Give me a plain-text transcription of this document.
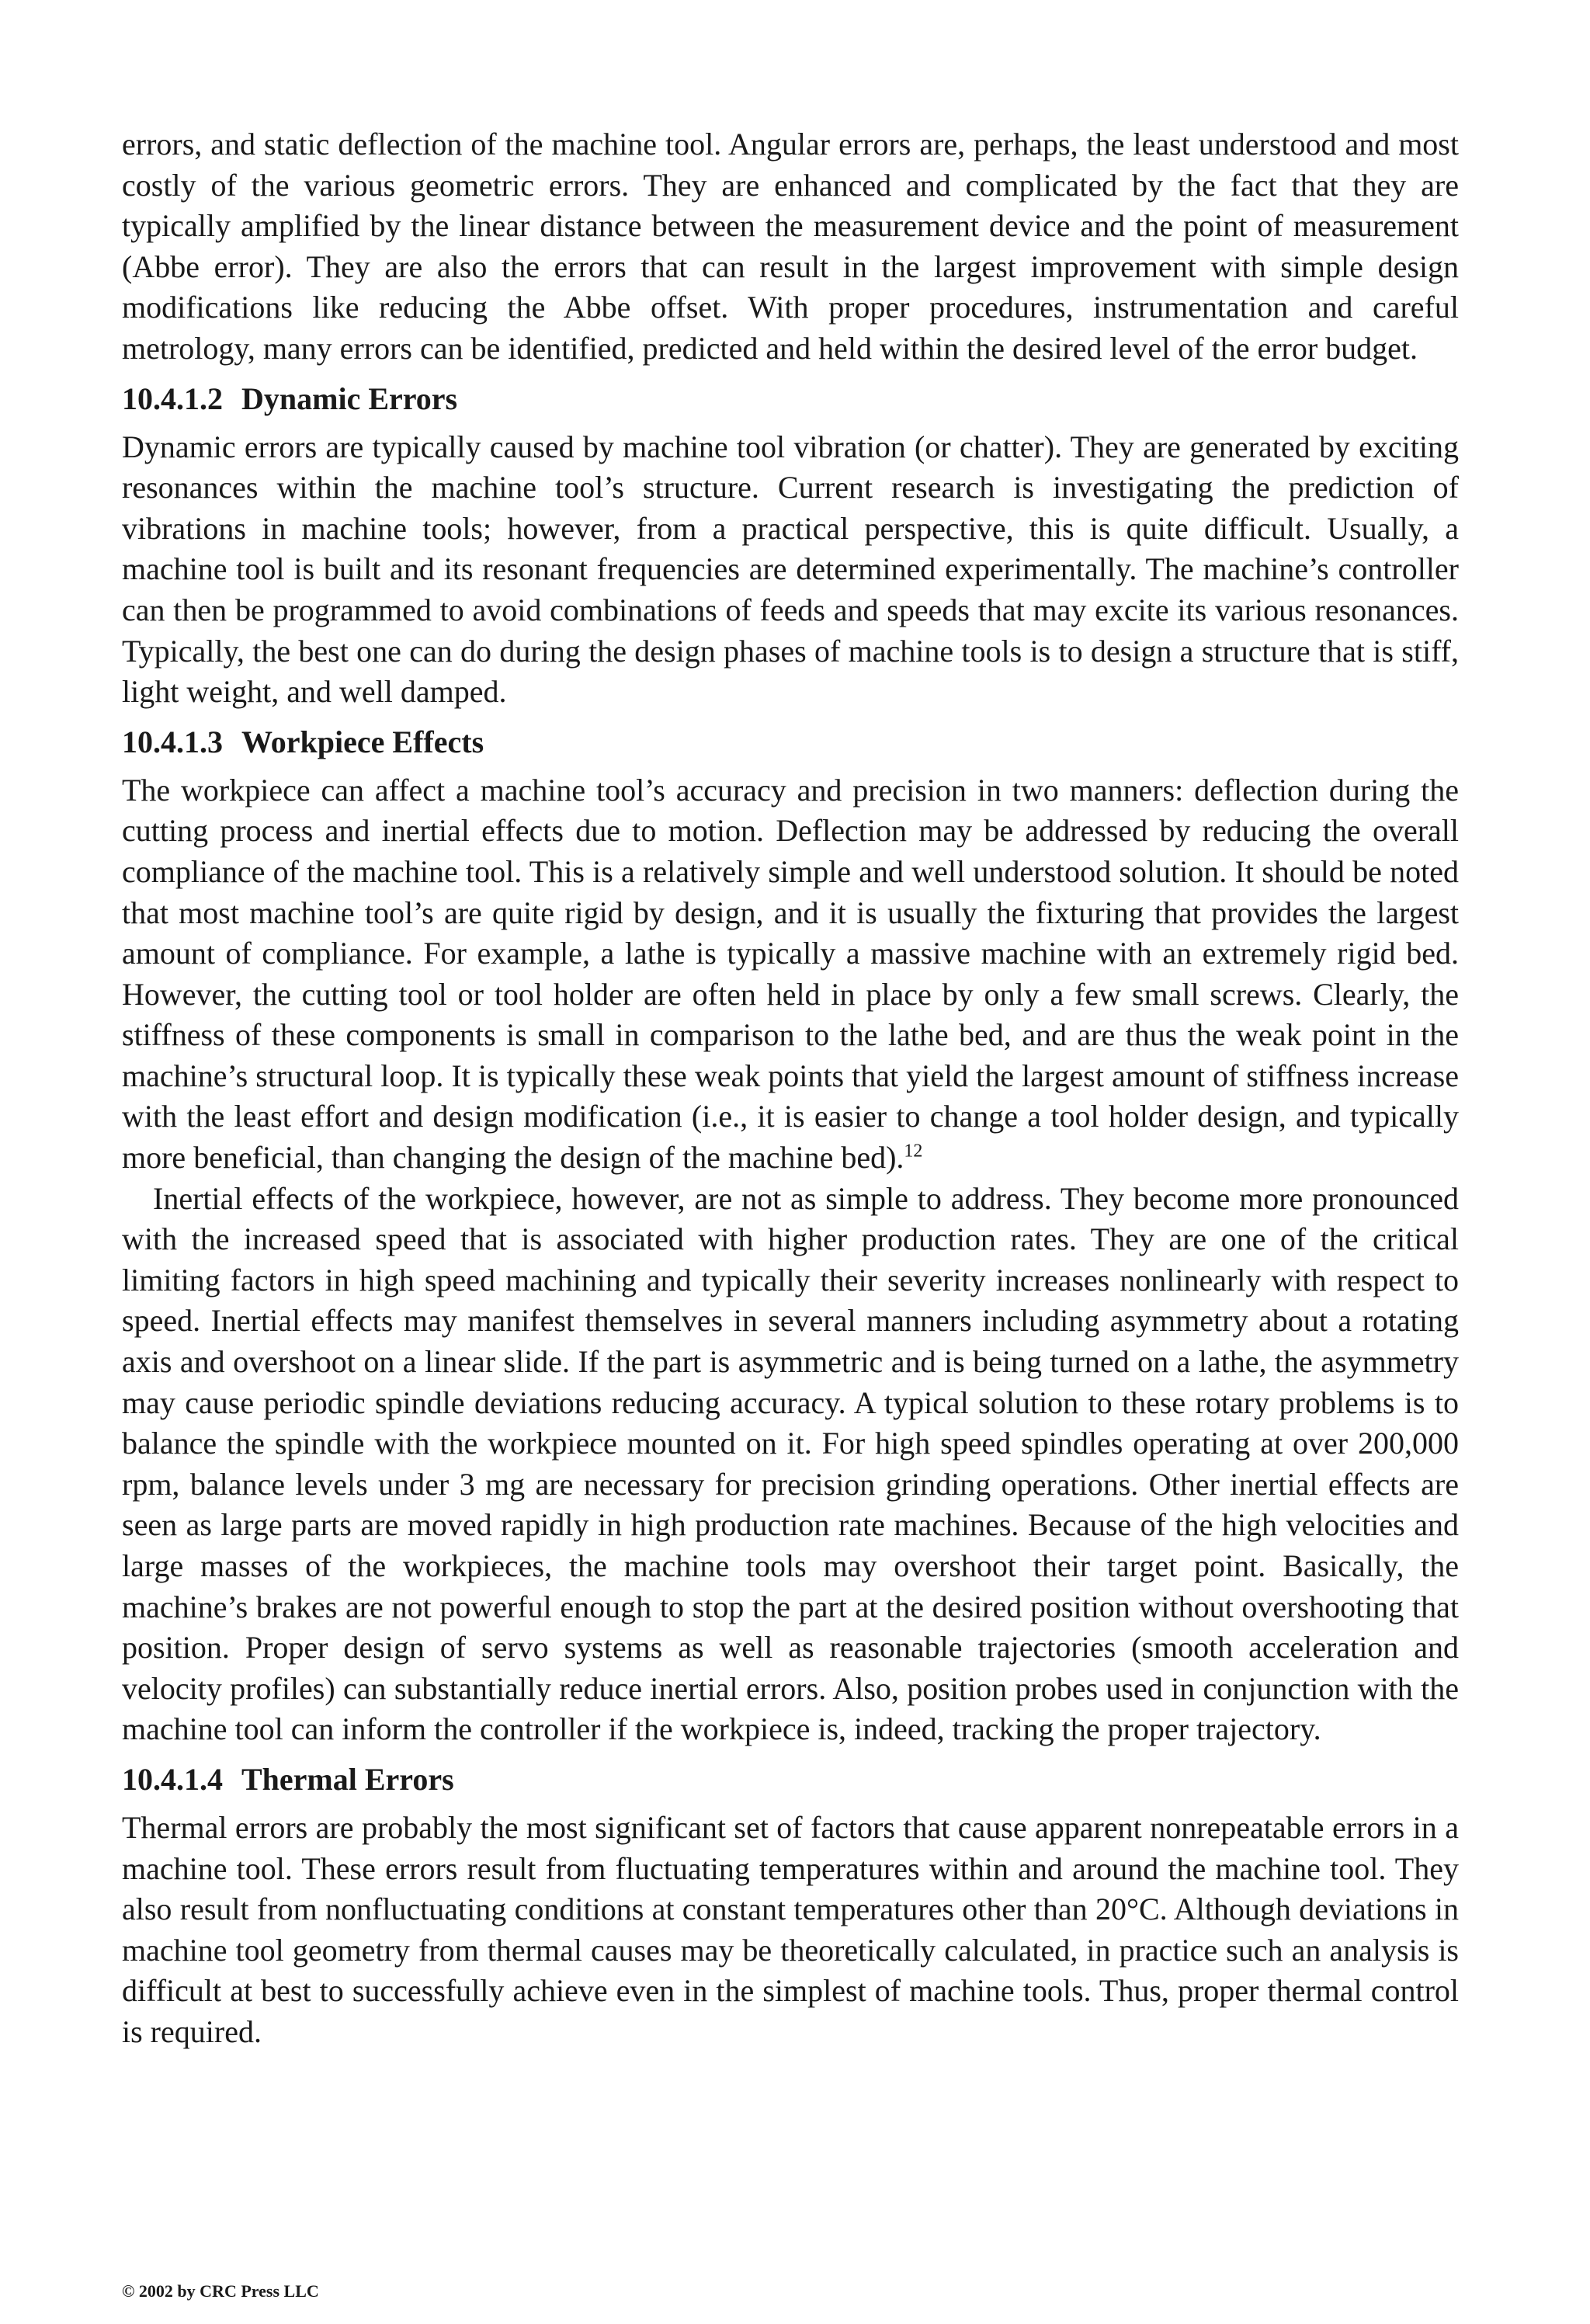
errors, and static deflection of the machine tool. Angular errors are, perhaps, the least understood and most costly of the various geometric errors. They are enhanced and complicated by the fact that they are typically amplified by the linear distance between the measurement device and the point of measurement (Abbe error). They are also the errors that can result in the largest improvement with simple design modifications like reducing the Abbe offset. With proper procedures, instrumentation and careful metrology, many errors can be identified, predicted and held within the desired level of the error budget.

10.4.1.2 Dynamic Errors

Dynamic errors are typically caused by machine tool vibration (or chatter). They are generated by exciting resonances within the machine tool’s structure. Current research is investigating the prediction of vibrations in machine tools; however, from a practical perspective, this is quite difficult. Usually, a machine tool is built and its resonant frequencies are determined experimentally. The machine’s controller can then be programmed to avoid combinations of feeds and speeds that may excite its various resonances. Typically, the best one can do during the design phases of machine tools is to design a structure that is stiff, light weight, and well damped.

10.4.1.3 Workpiece Effects

The workpiece can affect a machine tool’s accuracy and precision in two manners: deflection during the cutting process and inertial effects due to motion. Deflection may be addressed by reducing the overall compliance of the machine tool. This is a relatively simple and well understood solution. It should be noted that most machine tool’s are quite rigid by design, and it is usually the fixturing that provides the largest amount of compliance. For example, a lathe is typically a massive machine with an extremely rigid bed. However, the cutting tool or tool holder are often held in place by only a few small screws. Clearly, the stiffness of these components is small in comparison to the lathe bed, and are thus the weak point in the machine’s structural loop. It is typically these weak points that yield the largest amount of stiffness increase with the least effort and design modification (i.e., it is easier to change a tool holder design, and typically more beneficial, than changing the design of the machine bed).$^{12}$

Inertial effects of the workpiece, however, are not as simple to address. They become more pronounced with the increased speed that is associated with higher production rates. They are one of the critical limiting factors in high speed machining and typically their severity increases nonlinearly with respect to speed. Inertial effects may manifest themselves in several manners including asymmetry about a rotating axis and overshoot on a linear slide. If the part is asymmetric and is being turned on a lathe, the asymmetry may cause periodic spindle deviations reducing accuracy. A typical solution to these rotary problems is to balance the spindle with the workpiece mounted on it. For high speed spindles operating at over 200,000 rpm, balance levels under 3 mg are necessary for precision grinding operations. Other inertial effects are seen as large parts are moved rapidly in high production rate machines. Because of the high velocities and large masses of the workpieces, the machine tools may overshoot their target point. Basically, the machine’s brakes are not powerful enough to stop the part at the desired position without overshooting that position. Proper design of servo systems as well as reasonable trajectories (smooth acceleration and velocity profiles) can substantially reduce inertial errors. Also, position probes used in conjunction with the machine tool can inform the controller if the workpiece is, indeed, tracking the proper trajectory.

10.4.1.4 Thermal Errors

Thermal errors are probably the most significant set of factors that cause apparent nonrepeatable errors in a machine tool. These errors result from fluctuating temperatures within and around the machine tool. They also result from nonfluctuating conditions at constant temperatures other than 20°C. Although deviations in machine tool geometry from thermal causes may be theoretically calculated, in practice such an analysis is difficult at best to successfully achieve even in the simplest of machine tools. Thus, proper thermal control is required.

© 2002 by CRC Press LLC
